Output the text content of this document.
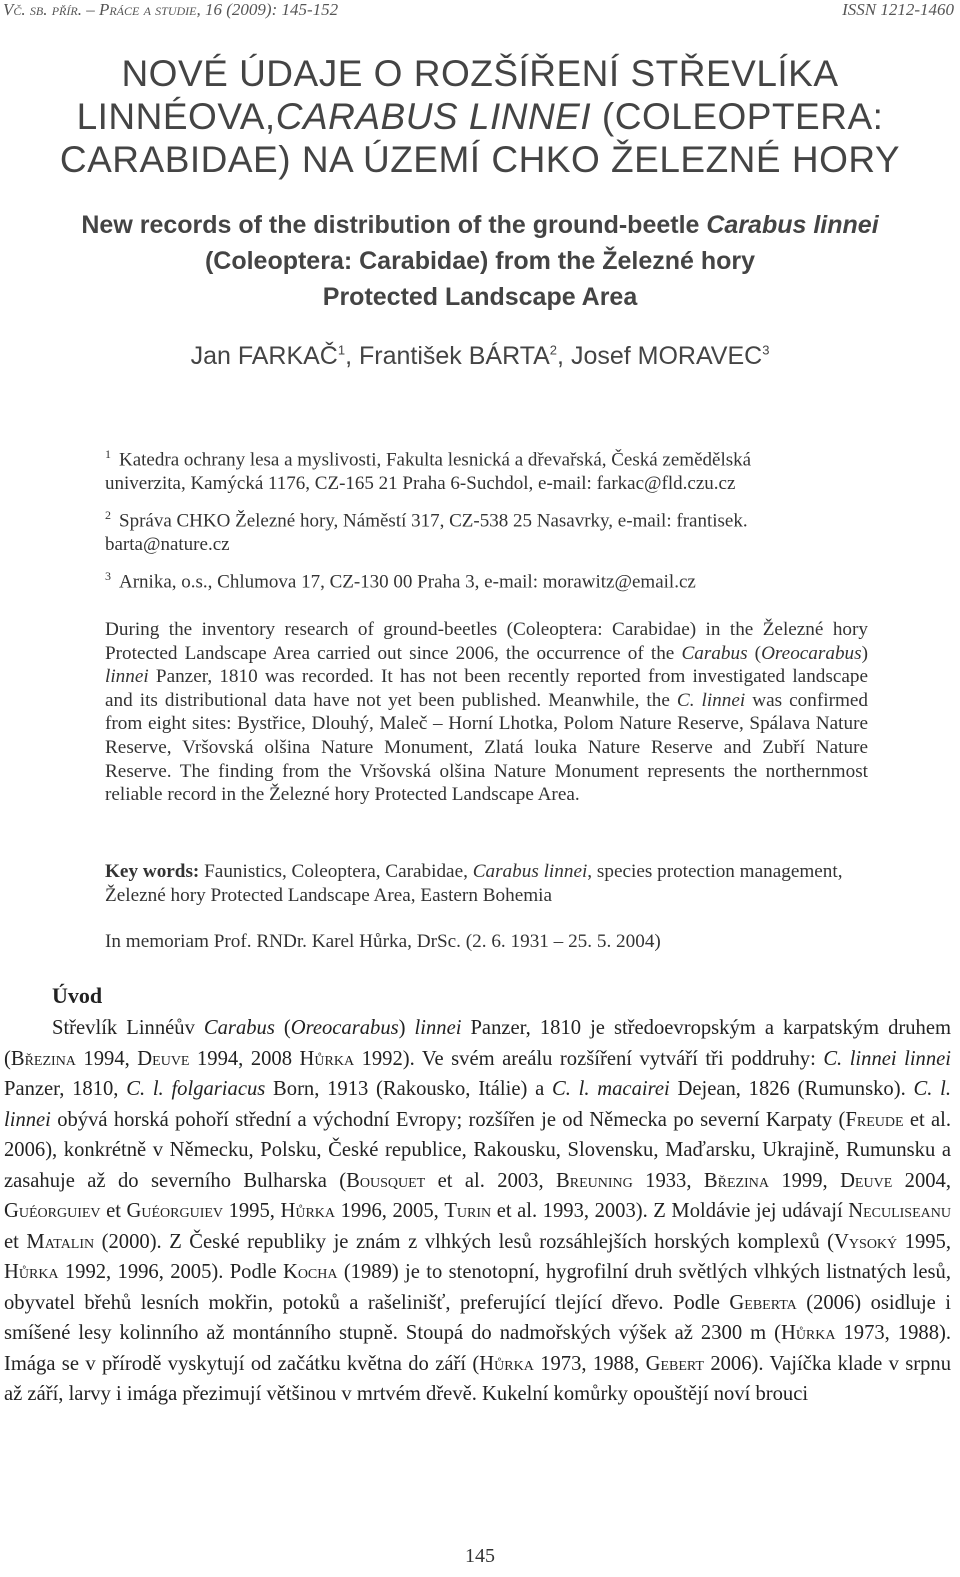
Vč. sb. přír. – Práce a studie, 16 (2009): 145-152	ISSN 1212-1460
NOVÉ ÚDAJE O ROZŠÍŘENÍ STŘEVLÍKA
LINNÉOVA,CARABUS LINNEI (COLEOPTERA:
CARABIDAE) NA ÚZEMÍ CHKO ŽELEZNÉ HORY
New records of the distribution of the ground-beetle Carabus linnei
(Coleoptera: Carabidae) from the Železné hory
Protected Landscape Area
Jan FARKAČ$^1$, František BÁRTA$^2$, Josef MORAVEC$^3$
$^1$ Katedra ochrany lesa a myslivosti, Fakulta lesnická a dřevařská, Česká zemědělská
univerzita, Kamýcká 1176, CZ-165 21 Praha 6-Suchdol, e-mail: farkac@fld.czu.cz
$^2$ Správa CHKO Železné hory, Náměstí 317, CZ-538 25 Nasavrky, e-mail: frantisek.
barta@nature.cz
$^3$ Arnika, o.s., Chlumova 17, CZ-130 00 Praha 3, e-mail: morawitz@email.cz
During the inventory research of ground-beetles (Coleoptera: Carabidae) in the Železné hory Protected Landscape Area carried out since 2006, the occurrence of the Carabus (Oreocarabus) linnei Panzer, 1810 was recorded. It has not been recently reported from investigated landscape and its distributional data have not yet been published. Meanwhile, the C. linnei was confirmed from eight sites: Bystřice, Dlouhý, Maleč – Horní Lhotka, Polom Nature Reserve, Spálava Nature Reserve, Vršovská olšina Nature Monument, Zlatá louka Nature Reserve and Zubří Nature Reserve. The finding from the Vršovská olšina Nature Monument represents the northernmost reliable record in the Železné hory Protected Landscape Area.
Key words: Faunistics, Coleoptera, Carabidae, Carabus linnei, species protection management, Železné hory Protected Landscape Area, Eastern Bohemia
In memoriam Prof. RNDr. Karel Hůrka, DrSc. (2. 6. 1931 – 25. 5. 2004)
Úvod

Střevlík Linnéův Carabus (Oreocarabus) linnei Panzer, 1810 je středoevropským a karpatským druhem (Březina 1994, Deuve 1994, 2008 Hůrka 1992). Ve svém areálu rozšíření vytváří tři poddruhy: C. linnei linnei Panzer, 1810, C. l. folgariacus Born, 1913 (Rakousko, Itálie) a C. l. macairei Dejean, 1826 (Rumunsko). C. l. linnei obývá horská pohoří střední a východní Evropy; rozšířen je od Německa po severní Karpaty (Freude et al. 2006), konkrétně v Německu, Polsku, České republice, Rakousku, Slovensku, Maďarsku, Ukrajině, Rumunsku a zasahuje až do severního Bulharska (Bousquet et al. 2003, Breuning 1933, Březina 1999, Deuve 2004, Guéorguiev et Guéorguiev 1995, Hůrka 1996, 2005, Turin et al. 1993, 2003). Z Moldávie jej udávají Neculiseanu et Matalin (2000). Z České republiky je znám z vlhkých lesů rozsáhlejších horských komplexů (Vysoký 1995, Hůrka 1992, 1996, 2005). Podle Kocha (1989) je to stenotopní, hygrofilní druh světlých vlhkých listnatých lesů, obyvatel břehů lesních mokřin, potoků a rašelinišť, preferující tlející dřevo. Podle Geberta (2006) osidluje i smíšené lesy kolinního až montánního stupně. Stoupá do nadmořských výšek až 2300 m (Hůrka 1973, 1988). Imága se v přírodě vyskytují od začátku května do září (Hůrka 1973, 1988, Gebert 2006). Vajíčka klade v srpnu až září, larvy i imága přezimují většinou v mrtvém dřevě. Kukelní komůrky opouštějí noví brouci

145
